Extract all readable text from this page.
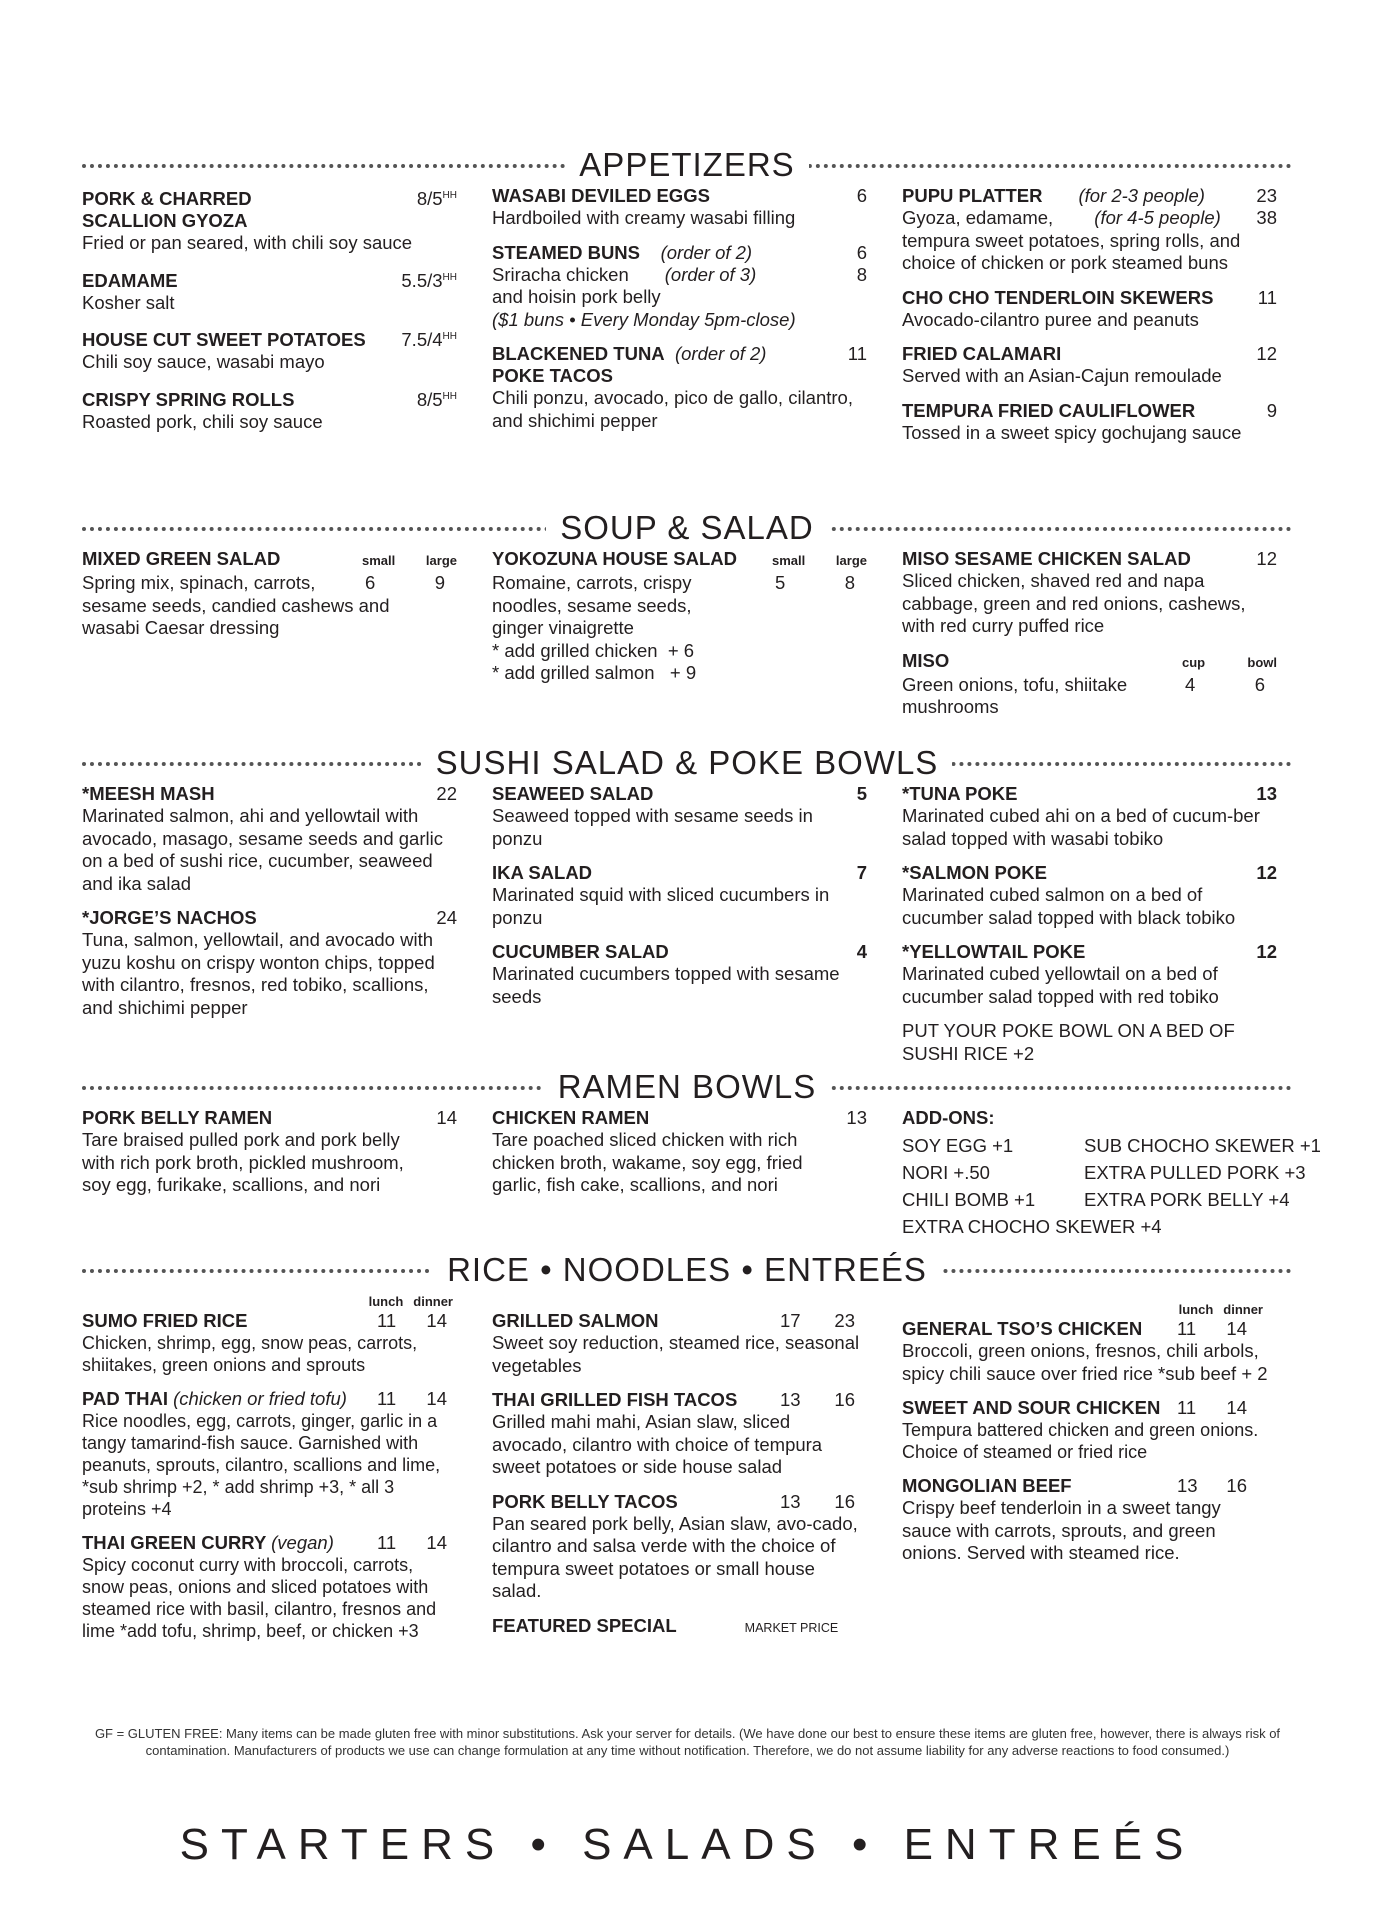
APPETIZERS
PORK & CHARRED	$8/5^{HH}$
SCALLION GYOZA
Fried or pan seared, with chili soy sauce
EDAMAME	$5.5/3^{HH}$
Kosher salt
HOUSE CUT SWEET POTATOES $7.5/4^{HH}$
Chili soy sauce, wasabi mayo
CRISPY SPRING ROLLS	$8/5^{HH}$
Roasted pork, chili soy sauce
WASABI DEVILED EGGS	6
Hardboiled with creamy wasabi filling
STEAMED BUNS (order of 2)	6
Sriracha chicken (order of 3)	8
and hoisin pork belly
($1 buns • Every Monday 5pm-close)
BLACKENED TUNA (order of 2)	11
POKE TACOS
Chili ponzu, avocado, pico de gallo, cilantro, and shichimi pepper
PUPU PLATTER (for 2-3 people)	23
Gyoza, edamame, (for 4-5 people) 38
tempura sweet potatoes, spring rolls, and choice of chicken or pork steamed buns
CHO CHO TENDERLOIN SKEWERS 11
Avocado-cilantro puree and peanuts
FRIED CALAMARI	12
Served with an Asian-Cajun remoulade
TEMPURA FRIED CAULIFLOWER	9
Tossed in a sweet spicy gochujang sauce
SOUP & SALAD
MIXED GREEN SALAD	small large
Spring mix, spinach, carrots,	6	9
sesame seeds, candied cashews and wasabi Caesar dressing
YOKOZUNA HOUSE SALAD	small large
Romaine, carrots, crispy	5	8
noodles, sesame seeds, ginger vinaigrette
* add grilled chicken  + 6
* add grilled salmon   + 9
MISO SESAME CHICKEN SALAD	12
Sliced chicken, shaved red and napa cabbage, green and red onions, cashews, with red curry puffed rice
MISO	cup	bowl
Green onions, tofu, shiitake	4	6
mushrooms
SUSHI SALAD & POKE BOWLS
*MEESH MASH	22
Marinated salmon, ahi and yellowtail with avocado, masago, sesame seeds and garlic on a bed of sushi rice, cucumber, seaweed and ika salad
*JORGE’S NACHOS	24
Tuna, salmon, yellowtail, and avocado with yuzu koshu on crispy wonton chips, topped with cilantro, fresnos, red tobiko, scallions, and shichimi pepper
SEAWEED SALAD	5
Seaweed topped with sesame seeds in ponzu
IKA SALAD	7
Marinated squid with sliced cucumbers in ponzu
CUCUMBER SALAD	4
Marinated cucumbers topped with sesame seeds
*TUNA POKE	13
Marinated cubed ahi on a bed of cucum-ber salad topped with wasabi tobiko
*SALMON POKE	12
Marinated cubed salmon on a bed of cucumber salad topped with black tobiko
*YELLOWTAIL POKE	12
Marinated cubed yellowtail on a bed of cucumber salad topped with red tobiko
PUT YOUR POKE BOWL ON A BED OF SUSHI RICE +2
RAMEN BOWLS
PORK BELLY RAMEN	14
Tare braised pulled pork and pork belly with rich pork broth, pickled mushroom, soy egg, furikake, scallions, and nori
CHICKEN RAMEN	13
Tare poached sliced chicken with rich chicken broth, wakame, soy egg, fried garlic, fish cake, scallions, and nori
ADD-ONS:
SOY EGG +1	SUB CHOCHO SKEWER +1
NORI +.50	EXTRA PULLED PORK +3
CHILI BOMB +1	EXTRA PORK BELLY +4
EXTRA CHOCHO SKEWER +4
RICE • NOODLES • ENTREÉS
lunch dinner
SUMO FRIED RICE	11 14
Chicken, shrimp, egg, snow peas, carrots, shiitakes, green onions and sprouts
PAD THAI (chicken or fried tofu) 11 14
Rice noodles, egg, carrots, ginger, garlic in a tangy tamarind-fish sauce. Garnished with peanuts, sprouts, cilantro, scallions and lime, *sub shrimp +2, * add shrimp +3, * all 3 proteins +4
THAI GREEN CURRY (vegan) 11 14
Spicy coconut curry with broccoli, carrots, snow peas, onions and sliced potatoes with steamed rice with basil, cilantro, fresnos and lime *add tofu, shrimp, beef, or chicken +3
GRILLED SALMON	17 23
Sweet soy reduction, steamed rice, seasonal vegetables
THAI GRILLED FISH TACOS 13 16
Grilled mahi mahi, Asian slaw, sliced avocado, cilantro with choice of tempura sweet potatoes or side house salad
PORK BELLY TACOS	13 16
Pan seared pork belly, Asian slaw, avo-cado, cilantro and salsa verde with the choice of tempura sweet potatoes or small house salad.
FEATURED SPECIAL	MARKET PRICE
lunch dinner
GENERAL TSO’S CHICKEN 11 14
Broccoli, green onions, fresnos, chili arbols, spicy chili sauce over fried rice *sub beef + 2
SWEET AND SOUR CHICKEN 11 14
Tempura battered chicken and green onions. Choice of steamed or fried rice
MONGOLIAN BEEF	13 16
Crispy beef tenderloin in a sweet tangy sauce with carrots, sprouts, and green onions. Served with steamed rice.
GF = GLUTEN FREE: Many items can be made gluten free with minor substitutions. Ask your server for details. (We have done our best to ensure these items are gluten free, however, there is always risk of contamination. Manufacturers of products we use can change formulation at any time without notification. Therefore, we do not assume liability for any adverse reactions to food consumed.)
STARTERS • SALADS • ENTREÉS
